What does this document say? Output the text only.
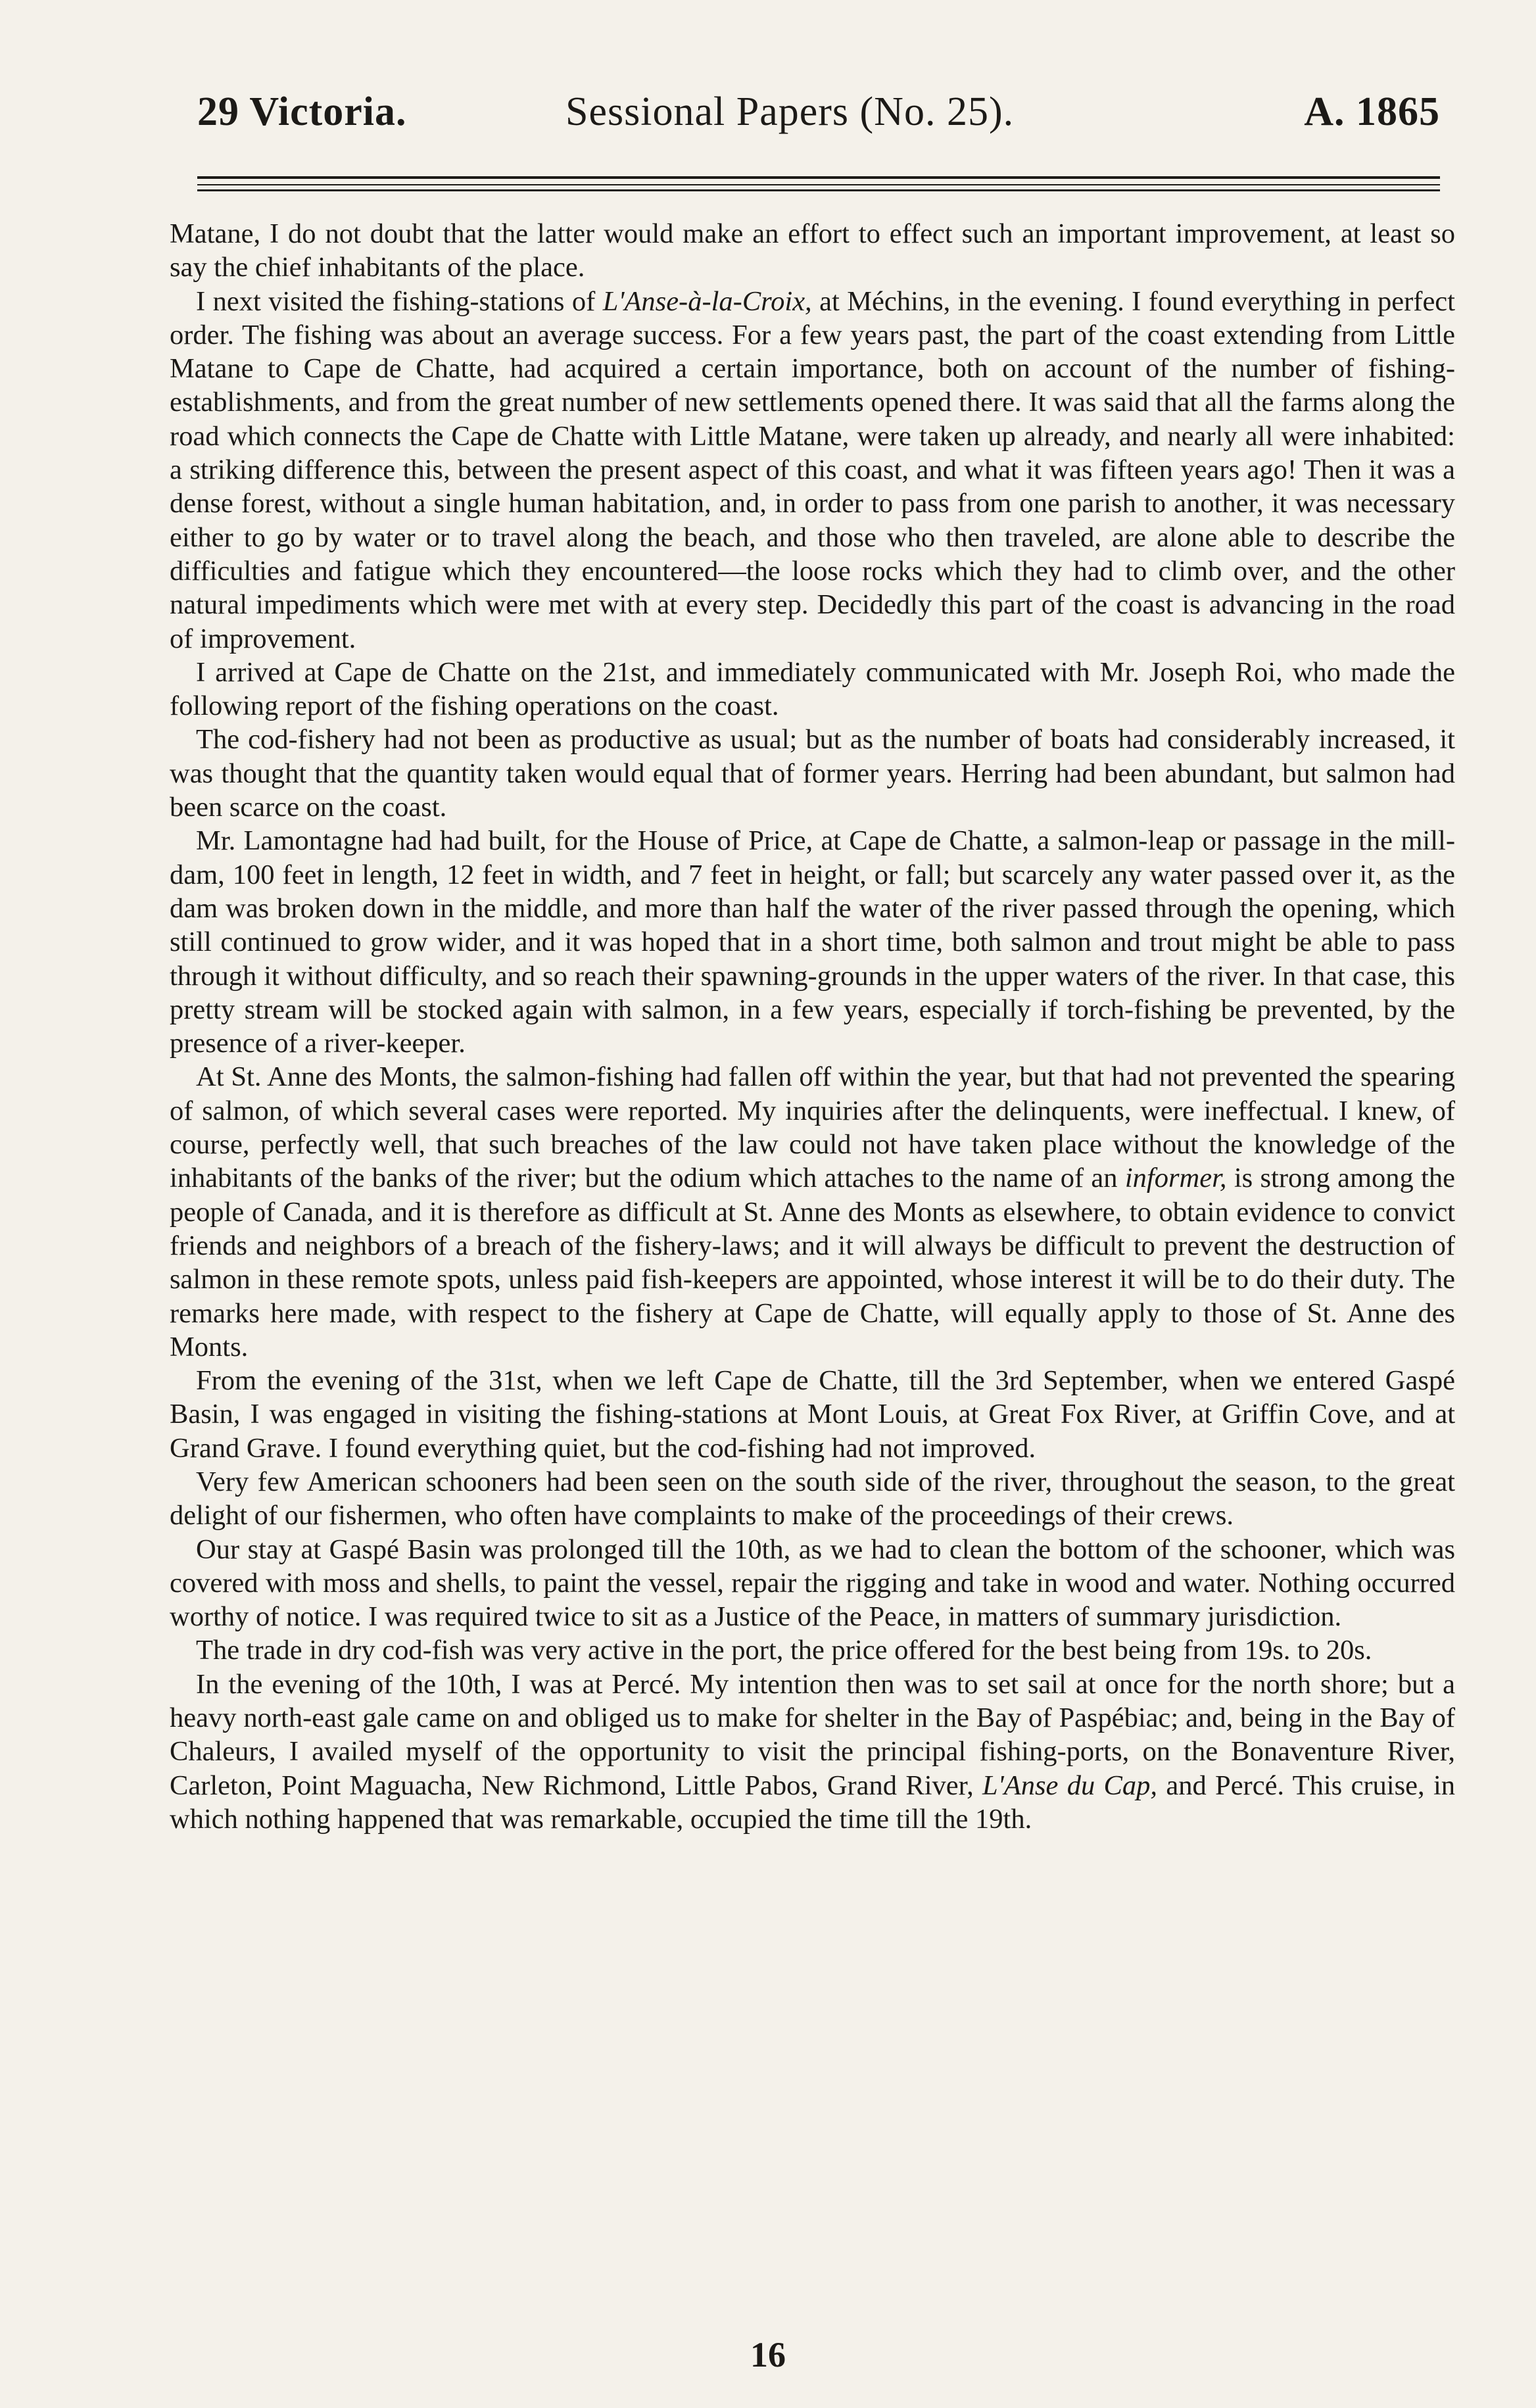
29 Victoria.	Sessional Papers (No. 25).	A. 1865

Matane, I do not doubt that the latter would make an effort to effect such an important improvement, at least so say the chief inhabitants of the place.

I next visited the fishing-stations of L'Anse-à-la-Croix, at Méchins, in the evening. I found everything in perfect order. The fishing was about an average success. For a few years past, the part of the coast extending from Little Matane to Cape de Chatte, had acquired a certain importance, both on account of the number of fishing-establishments, and from the great number of new settlements opened there. It was said that all the farms along the road which connects the Cape de Chatte with Little Matane, were taken up already, and nearly all were inhabited: a striking difference this, between the present aspect of this coast, and what it was fifteen years ago! Then it was a dense forest, without a single human habitation, and, in order to pass from one parish to another, it was necessary either to go by water or to travel along the beach, and those who then traveled, are alone able to describe the difficulties and fatigue which they encountered—the loose rocks which they had to climb over, and the other natural impediments which were met with at every step. Decidedly this part of the coast is advancing in the road of improvement.

I arrived at Cape de Chatte on the 21st, and immediately communicated with Mr. Joseph Roi, who made the following report of the fishing operations on the coast.

The cod-fishery had not been as productive as usual; but as the number of boats had considerably increased, it was thought that the quantity taken would equal that of former years. Herring had been abundant, but salmon had been scarce on the coast.

Mr. Lamontagne had had built, for the House of Price, at Cape de Chatte, a salmon-leap or passage in the mill-dam, 100 feet in length, 12 feet in width, and 7 feet in height, or fall; but scarcely any water passed over it, as the dam was broken down in the middle, and more than half the water of the river passed through the opening, which still continued to grow wider, and it was hoped that in a short time, both salmon and trout might be able to pass through it without difficulty, and so reach their spawning-grounds in the upper waters of the river. In that case, this pretty stream will be stocked again with salmon, in a few years, especially if torch-fishing be prevented, by the presence of a river-keeper.

At St. Anne des Monts, the salmon-fishing had fallen off within the year, but that had not prevented the spearing of salmon, of which several cases were reported. My inquiries after the delinquents, were ineffectual. I knew, of course, perfectly well, that such breaches of the law could not have taken place without the knowledge of the inhabitants of the banks of the river; but the odium which attaches to the name of an informer, is strong among the people of Canada, and it is therefore as difficult at St. Anne des Monts as elsewhere, to obtain evidence to convict friends and neighbors of a breach of the fishery-laws; and it will always be difficult to prevent the destruction of salmon in these remote spots, unless paid fish-keepers are appointed, whose interest it will be to do their duty. The remarks here made, with respect to the fishery at Cape de Chatte, will equally apply to those of St. Anne des Monts.

From the evening of the 31st, when we left Cape de Chatte, till the 3rd September, when we entered Gaspé Basin, I was engaged in visiting the fishing-stations at Mont Louis, at Great Fox River, at Griffin Cove, and at Grand Grave. I found everything quiet, but the cod-fishing had not improved.

Very few American schooners had been seen on the south side of the river, throughout the season, to the great delight of our fishermen, who often have complaints to make of the proceedings of their crews.

Our stay at Gaspé Basin was prolonged till the 10th, as we had to clean the bottom of the schooner, which was covered with moss and shells, to paint the vessel, repair the rigging and take in wood and water. Nothing occurred worthy of notice. I was required twice to sit as a Justice of the Peace, in matters of summary jurisdiction.

The trade in dry cod-fish was very active in the port, the price offered for the best being from 19s. to 20s.

In the evening of the 10th, I was at Percé. My intention then was to set sail at once for the north shore; but a heavy north-east gale came on and obliged us to make for shelter in the Bay of Paspébiac; and, being in the Bay of Chaleurs, I availed myself of the opportunity to visit the principal fishing-ports, on the Bonaventure River, Carleton, Point Maguacha, New Richmond, Little Pabos, Grand River, L'Anse du Cap, and Percé. This cruise, in which nothing happened that was remarkable, occupied the time till the 19th.

16
